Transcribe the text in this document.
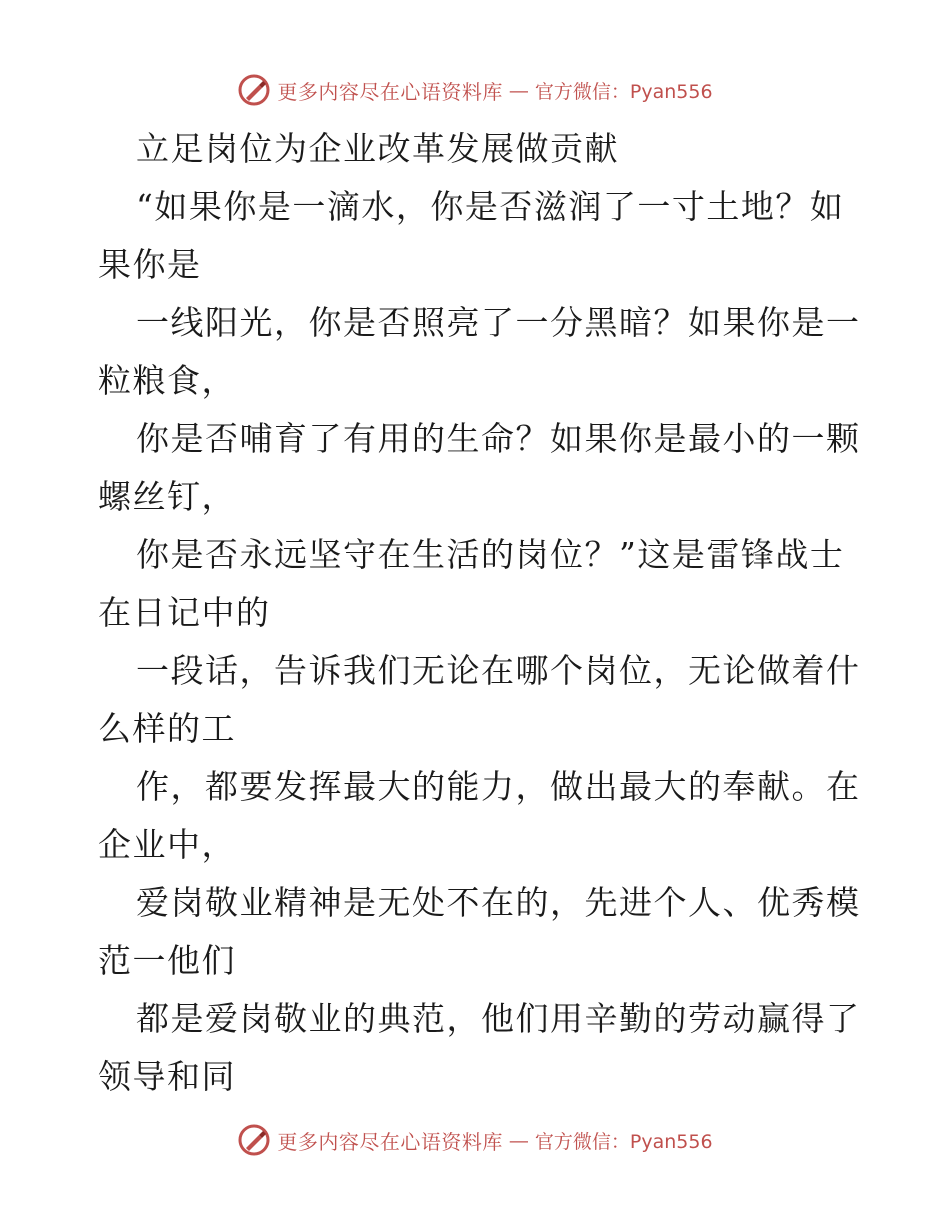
更多内容尽在心语资料库 — 官方微信：Pyan556
立足岗位为企业改革发展做贡献
“如果你是一滴水，你是否滋润了一寸土地？如
果你是
一线阳光，你是否照亮了一分黑暗？如果你是一
粒粮食，
你是否哺育了有用的生命？如果你是最小的一颗
螺丝钉，
你是否永远坚守在生活的岗位？”这是雷锋战士
在日记中的
一段话，告诉我们无论在哪个岗位，无论做着什
么样的工
作，都要发挥最大的能力，做出最大的奉献。在
企业中，
爱岗敬业精神是无处不在的，先进个人、优秀模
范一他们
都是爱岗敬业的典范，他们用辛勤的劳动赢得了
领导和同
更多内容尽在心语资料库 — 官方微信：Pyan556
